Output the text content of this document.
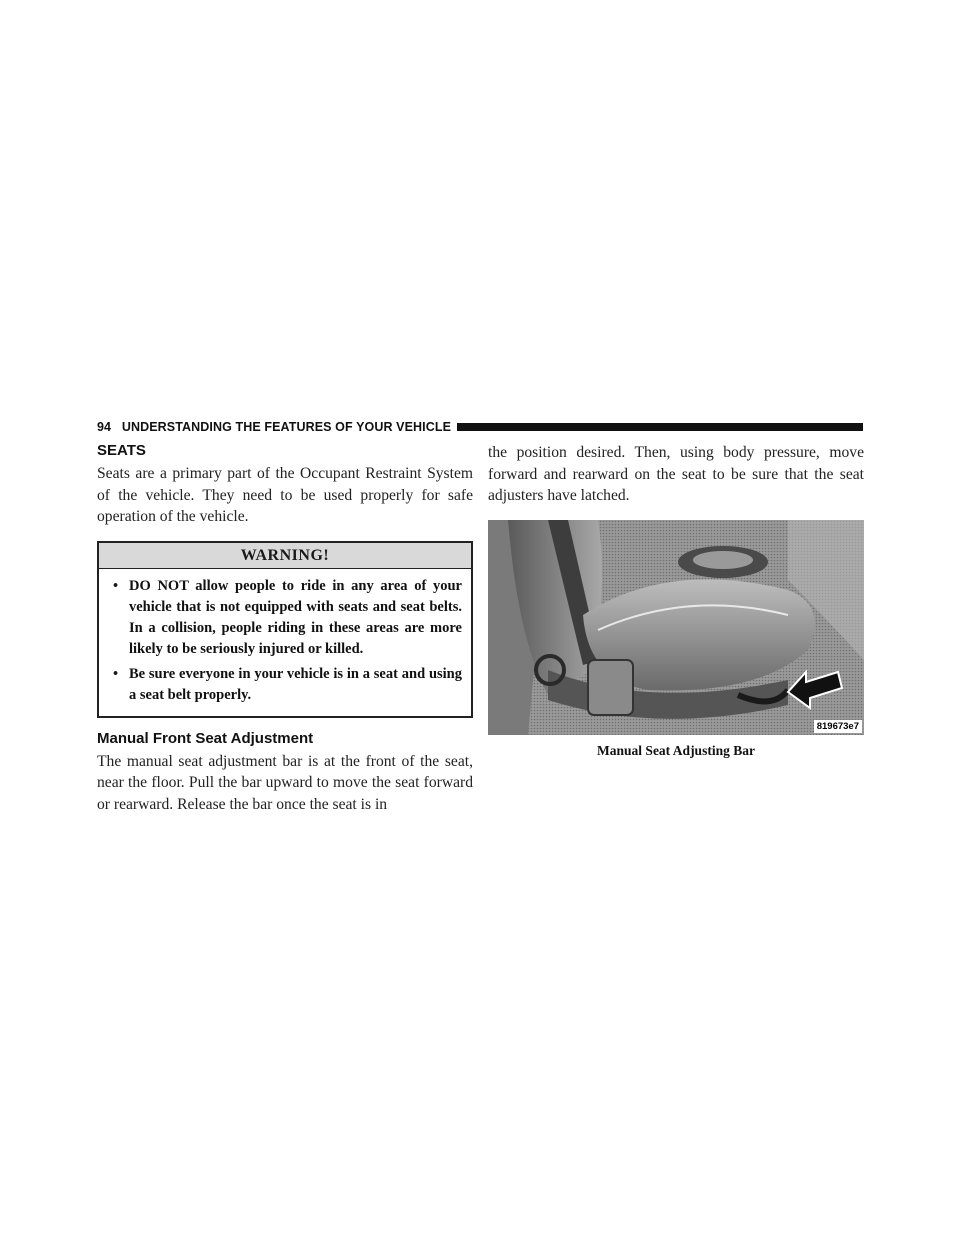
94 UNDERSTANDING THE FEATURES OF YOUR VEHICLE
SEATS

Seats are a primary part of the Occupant Restraint System of the vehicle. They need to be used properly for safe operation of the vehicle.

WARNING!
• DO NOT allow people to ride in any area of your vehicle that is not equipped with seats and seat belts. In a collision, people riding in these areas are more likely to be seriously injured or killed.
• Be sure everyone in your vehicle is in a seat and using a seat belt properly.
Manual Front Seat Adjustment

The manual seat adjustment bar is at the front of the seat, near the floor. Pull the bar upward to move the seat forward or rearward. Release the bar once the seat is in

the position desired. Then, using body pressure, move forward and rearward on the seat to be sure that the seat adjusters have latched.

819673e7
Manual Seat Adjusting Bar
